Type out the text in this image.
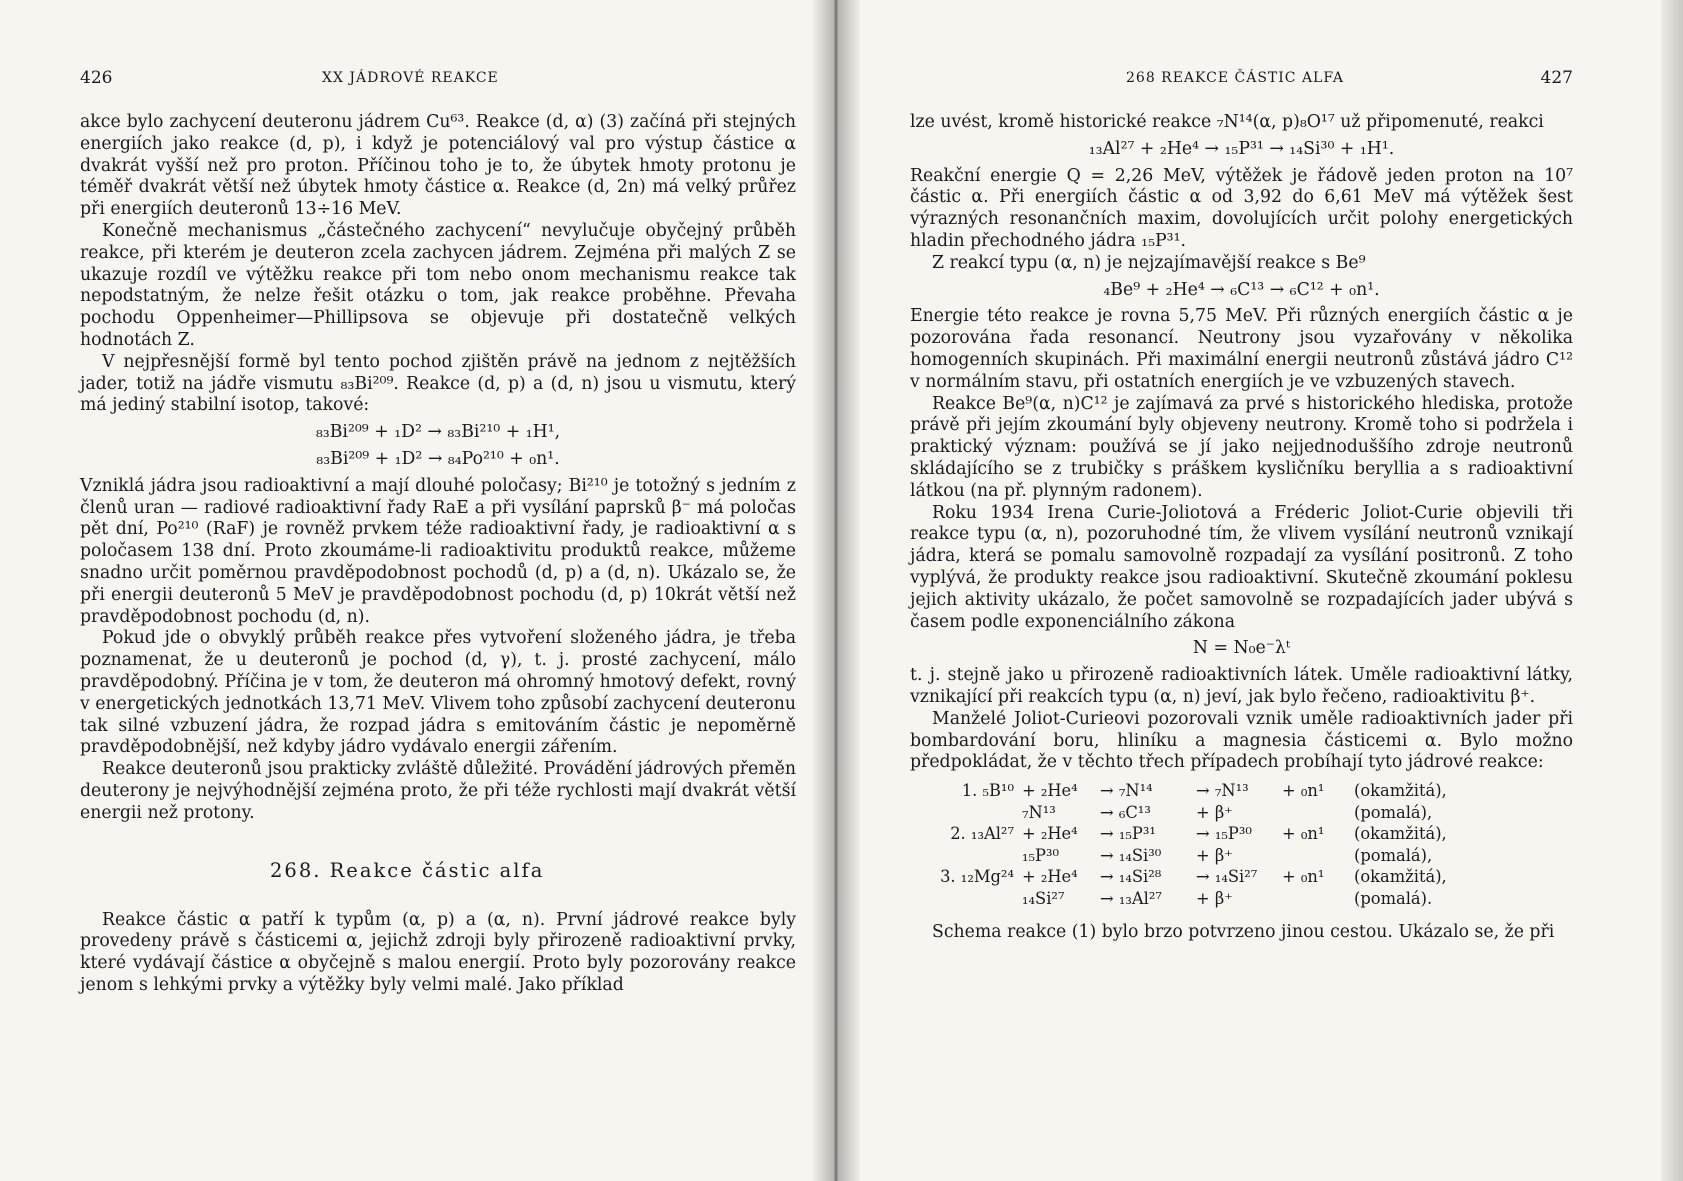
426	XX JÁDROVÉ REAKCE

akce bylo zachycení deuteronu jádrem Cu⁶³. Reakce (d, α) (3) začíná při stejných energiích jako reakce (d, p), i když je potenciálový val pro výstup částice α dvakrát vyšší než pro proton. Příčinou toho je to, že úbytek hmoty protonu je téměř dvakrát větší než úbytek hmoty částice α. Reakce (d, 2n) má velký průřez při energiích deuteronů 13÷16 MeV.

Konečně mechanismus „částečného zachycení“ nevylučuje obyčejný průběh reakce, při kterém je deuteron zcela zachycen jádrem. Zejména při malých Z se ukazuje rozdíl ve výtěžku reakce při tom nebo onom mechanismu reakce tak nepodstatným, že nelze řešit otázku o tom, jak reakce proběhne. Převaha pochodu Oppenheimer—Phillipsova se objevuje při dostatečně velkých hodnotách Z.

V nejpřesnější formě byl tento pochod zjištěn právě na jednom z nejtěžších jader, totiž na jádře vismutu ₈₃Bi²⁰⁹. Reakce (d, p) a (d, n) jsou u vismutu, který má jediný stabilní isotop, takové:

₈₃Bi²⁰⁹ + ₁D² → ₈₃Bi²¹⁰ + ₁H¹,
₈₃Bi²⁰⁹ + ₁D² → ₈₄Po²¹⁰ + ₀n¹.

Vzniklá jádra jsou radioaktivní a mají dlouhé poločasy; Bi²¹⁰ je totožný s jedním z členů uran — radiové radioaktivní řady RaE a při vysílání paprsků β⁻ má poločas pět dní, Po²¹⁰ (RaF) je rovněž prvkem téže radioaktivní řady, je radioaktivní α s poločasem 138 dní. Proto zkoumáme-li radioaktivitu produktů reakce, můžeme snadno určit poměrnou pravděpodobnost pochodů (d, p) a (d, n). Ukázalo se, že při energii deuteronů 5 MeV je pravděpodobnost pochodu (d, p) 10krát větší než pravděpodobnost pochodu (d, n).

Pokud jde o obvyklý průběh reakce přes vytvoření složeného jádra, je třeba poznamenat, že u deuteronů je pochod (d, γ), t. j. prosté zachycení, málo pravděpodobný. Příčina je v tom, že deuteron má ohromný hmotový defekt, rovný v energetických jednotkách 13,71 MeV. Vlivem toho způsobí zachycení deuteronu tak silné vzbuzení jádra, že rozpad jádra s emitováním částic je nepoměrně pravděpodobnější, než kdyby jádro vydávalo energii zářením.

Reakce deuteronů jsou prakticky zvláště důležité. Provádění jádrových přeměn deuterony je nejvýhodnější zejména proto, že při téže rychlosti mají dvakrát větší energii než protony.

268. Reakce částic alfa

Reakce částic α patří k typům (α, p) a (α, n). První jádrové reakce byly provedeny právě s částicemi α, jejichž zdroji byly přirozeně radioaktivní prvky, které vydávají částice α obyčejně s malou energií. Proto byly pozorovány reakce jenom s lehkými prvky a výtěžky byly velmi malé. Jako příklad

268 REAKCE ČÁSTIC ALFA	427

lze uvést, kromě historické reakce ₇N¹⁴(α, p)₈O¹⁷ už připomenuté, reakci

₁₃Al²⁷ + ₂He⁴ → ₁₅P³¹ → ₁₄Si³⁰ + ₁H¹.

Reakční energie Q = 2,26 MeV, výtěžek je řádově jeden proton na 10⁷ částic α. Při energiích částic α od 3,92 do 6,61 MeV má výtěžek šest výrazných resonančních maxim, dovolujících určit polohy energetických hladin přechodného jádra ₁₅P³¹.

Z reakcí typu (α, n) je nejzajímavější reakce s Be⁹

₄Be⁹ + ₂He⁴ → ₆C¹³ → ₆C¹² + ₀n¹.

Energie této reakce je rovna 5,75 MeV. Při různých energiích částic α je pozorována řada resonancí. Neutrony jsou vyzařovány v několika homogenních skupinách. Při maximální energii neutronů zůstává jádro C¹² v normálním stavu, při ostatních energiích je ve vzbuzených stavech.

Reakce Be⁹(α, n)C¹² je zajímavá za prvé s historického hlediska, protože právě při jejím zkoumání byly objeveny neutrony. Kromě toho si podržela i praktický význam: používá se jí jako nejjednoduššího zdroje neutronů skládajícího se z trubičky s práškem kysličníku beryllia a s radioaktivní látkou (na př. plynným radonem).

Roku 1934 Irena Curie-Joliotová a Fréderic Joliot-Curie objevili tři reakce typu (α, n), pozoruhodné tím, že vlivem vysílání neutronů vznikají jádra, která se pomalu samovolně rozpadají za vysílání positronů. Z toho vyplývá, že produkty reakce jsou radioaktivní. Skutečně zkoumání poklesu jejich aktivity ukázalo, že počet samovolně se rozpadajících jader ubývá s časem podle exponenciálního zákona

N = N₀e⁻λᵗ

t. j. stejně jako u přirozeně radioaktivních látek. Uměle radioaktivní látky, vznikající při reakcích typu (α, n) jeví, jak bylo řečeno, radioaktivitu β⁺.

Manželé Joliot-Curieovi pozorovali vznik uměle radioaktivních jader při bombardování boru, hliníku a magnesia částicemi α. Bylo možno předpokládat, že v těchto třech případech probíhají tyto jádrové reakce:

1. ₅B¹⁰ + ₂He⁴	→ ₇N¹⁴	→ ₇N¹³	+ ₀n¹	(okamžitá),
₇N¹³	→ ₆C¹³	+ β⁺	(pomalá),
2. ₁₃Al²⁷ + ₂He⁴	→ ₁₅P³¹	→ ₁₅P³⁰	+ ₀n¹	(okamžitá),
₁₅P³⁰	→ ₁₄Si³⁰	+ β⁺	(pomalá),
3. ₁₂Mg²⁴ + ₂He⁴	→ ₁₄Si²⁸	→ ₁₄Si²⁷	+ ₀n¹	(okamžitá),
₁₄Si²⁷	→ ₁₃Al²⁷	+ β⁺	(pomalá).

Schema reakce (1) bylo brzo potvrzeno jinou cestou. Ukázalo se, že při
